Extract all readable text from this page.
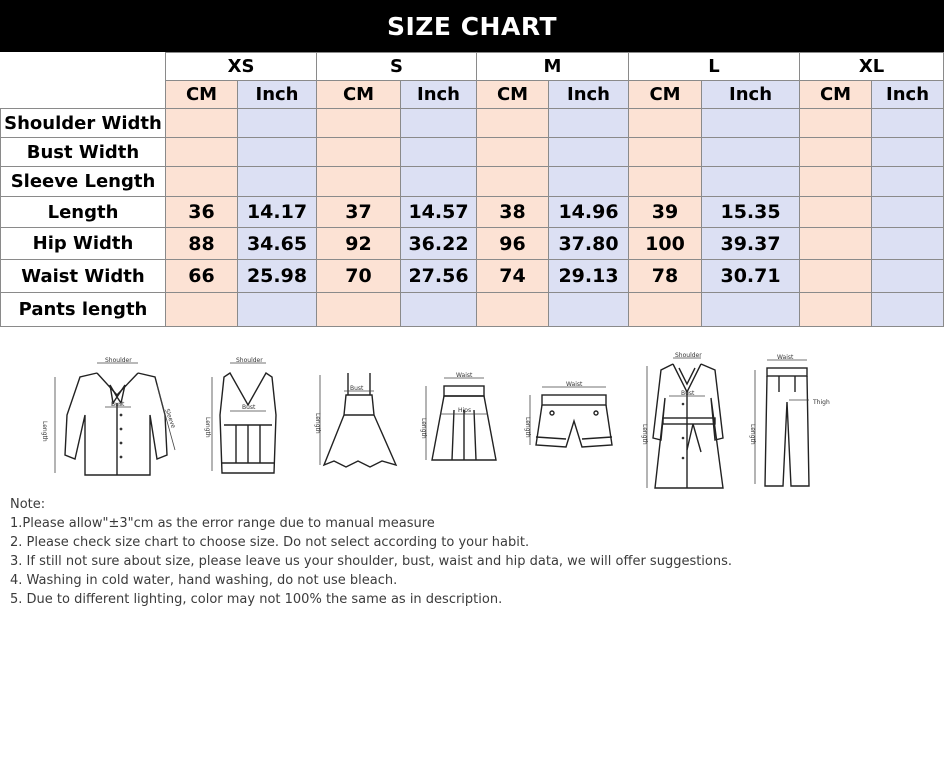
SIZE CHART
	XS		S		M		L		XL	
	CM	Inch	CM	Inch	CM	Inch	CM	Inch	CM	Inch
Shoulder Width										
Bust Width										
Sleeve Length										
Length	36	14.17	37	14.57	38	14.96	39	15.35		
Hip Width	88	34.65	92	36.22	96	37.80	100	39.37		
Waist Width	66	25.98	70	27.56	74	29.13	78	30.71		
Pants length										
Shoulder
Bust
Length
Sleeve
Shoulder
Bust
Length
Bust
Length
Waist
Hips
Length
Waist
Length
Shoulder
Bust
Length
Waist
Thigh
Length
Note:
1.Please allow"±3"cm as the error range due to manual measure
2. Please check size chart to choose size. Do not select according to your habit.
3. If still not sure about size, please leave us your shoulder, bust, waist and hip data, we will offer suggestions.
4. Washing in cold water, hand washing, do not use bleach.
5. Due to different lighting, color may not 100% the same as in description.
